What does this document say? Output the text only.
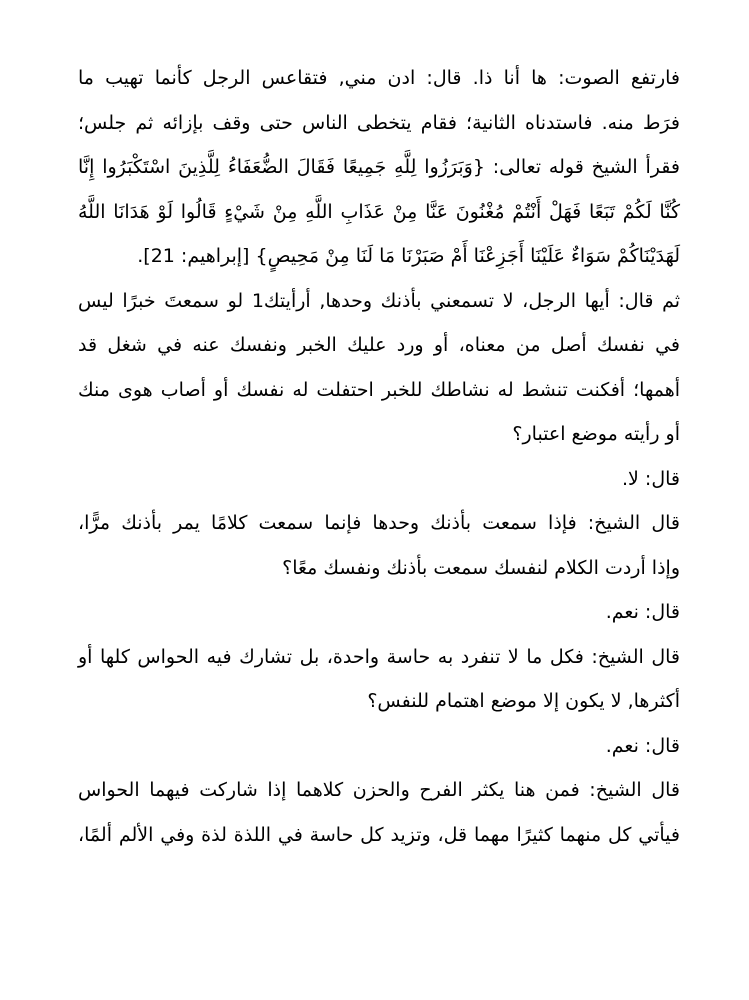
فارتفع الصوت: ها أنا ذا. قال: ادن مني, فتقاعس الرجل كأنما تهيب ما
فرَط منه. فاستدناه الثانية؛ فقام يتخطى الناس حتى وقف بإزائه ثم جلس؛
فقرأ الشيخ قوله تعالى: {وَبَرَزُوا لِلَّهِ جَمِيعًا فَقَالَ الضُّعَفَاءُ لِلَّذِينَ اسْتَكْبَرُوا إِنَّا
كُنَّا لَكُمْ تَبَعًا فَهَلْ أَنْتُمْ مُغْنُونَ عَنَّا مِنْ عَذَابِ اللَّهِ مِنْ شَيْءٍ قَالُوا لَوْ هَدَانَا اللَّهُ
لَهَدَيْنَاكُمْ سَوَاءٌ عَلَيْنَا أَجَزِعْنَا أَمْ صَبَرْنَا مَا لَنَا مِنْ مَحِيصٍ} [إبراهيم: 21].

ثم قال: أيها الرجل، لا تسمعني بأذنك وحدها, أرأيتك1 لو سمعتَ خبرًا ليس
في نفسك أصل من معناه، أو ورد عليك الخبر ونفسك عنه في شغل قد
أهمها؛ أفكنت تنشط له نشاطك للخبر احتفلت له نفسك أو أصاب هوى منك
أو رأيته موضع اعتبار؟

قال: لا.

قال الشيخ: فإذا سمعت بأذنك وحدها فإنما سمعت كلامًا يمر بأذنك مرًّا،
وإذا أردت الكلام لنفسك سمعت بأذنك ونفسك معًا؟

قال: نعم.

قال الشيخ: فكل ما لا تنفرد به حاسة واحدة، بل تشارك فيه الحواس كلها أو
أكثرها, لا يكون إلا موضع اهتمام للنفس؟

قال: نعم.

قال الشيخ: فمن هنا يكثر الفرح والحزن كلاهما إذا شاركت فيهما الحواس
فيأتي كل منهما كثيرًا مهما قل، وتزيد كل حاسة في اللذة لذة وفي الألم ألمًا،
